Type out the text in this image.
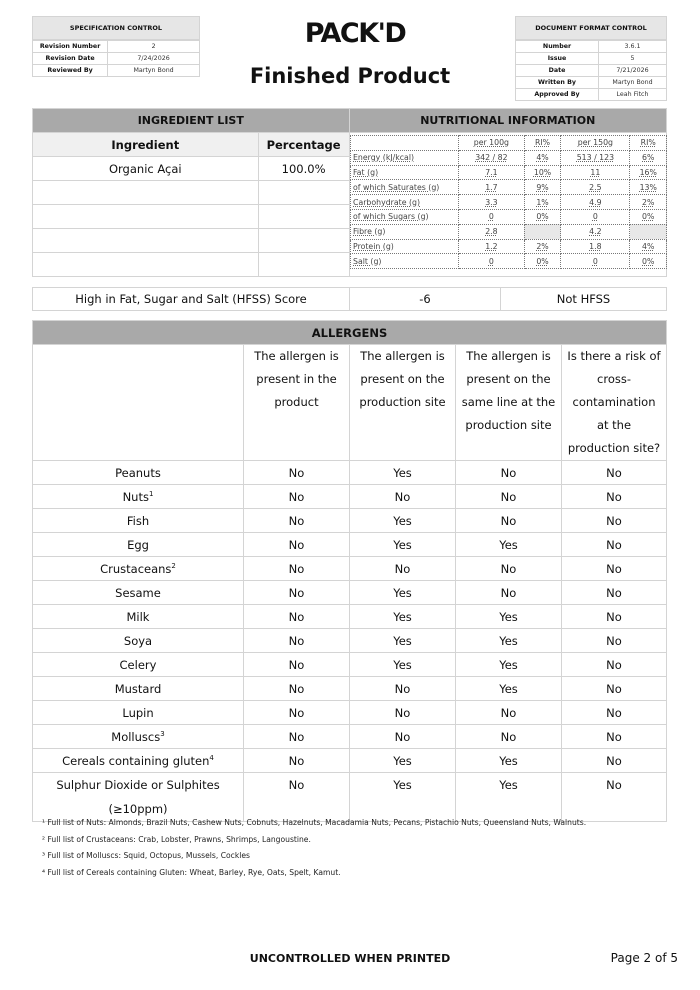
SPECIFICATION CONTROL
Revision Number	2
Revision Date	7/24/2026
Reviewed By	Martyn Bond
PACK'D
Finished Product
DOCUMENT FORMAT CONTROL
Number	3.6.1
Issue	5
Date	7/21/2026
Written By	Martyn Bond
Approved By	Leah Fitch
INGREDIENT LIST		NUTRITIONAL INFORMATION
Ingredient	Percentage	
Organic Açai	100.0%	

	per 100g	RI%	per 150g	RI%
Energy (kJ/kcal)	342 / 82	4%	513 / 123	6%
Fat (g)	7.1	10%	11	16%
of which Saturates (g)	1.7	9%	2.5	13%
Carbohydrate (g)	3.3	1%	4.9	2%
of which Sugars (g)	0	0%	0	0%
Fibre (g)	2.8		4.2	
Protein (g)	1.2	2%	1.8	4%
Salt (g)	0	0%	0	0%
High in Fat, Sugar and Salt (HFSS) Score	-6	Not HFSS
ALLERGENS				
	The allergen is present in the product	The allergen is present on the production site	The allergen is present on the same line at the production site	Is there a risk of cross-contamination at the production site?
Peanuts	No	Yes	No	No
Nuts$^1$	No	No	No	No
Fish	No	Yes	No	No
Egg	No	Yes	Yes	No
Crustaceans$^2$	No	No	No	No
Sesame	No	Yes	No	No
Milk	No	Yes	Yes	No
Soya	No	Yes	Yes	No
Celery	No	Yes	Yes	No
Mustard	No	No	Yes	No
Lupin	No	No	No	No
Molluscs$^3$	No	No	No	No
Cereals containing gluten$^4$	No	Yes	Yes	No
Sulphur Dioxide or Sulphites (≥10ppm)	No	Yes	Yes	No
¹ Full list of Nuts: Almonds, Brazil Nuts, Cashew Nuts, Cobnuts, Hazelnuts, Macadamia Nuts, Pecans, Pistachio Nuts, Queensland Nuts, Walnuts.
² Full list of Crustaceans: Crab, Lobster, Prawns, Shrimps, Langoustine.
³ Full list of Molluscs: Squid, Octopus, Mussels, Cockles
⁴ Full list of Cereals containing Gluten: Wheat, Barley, Rye, Oats, Spelt, Kamut.
UNCONTROLLED WHEN PRINTED	Page 2 of 5
